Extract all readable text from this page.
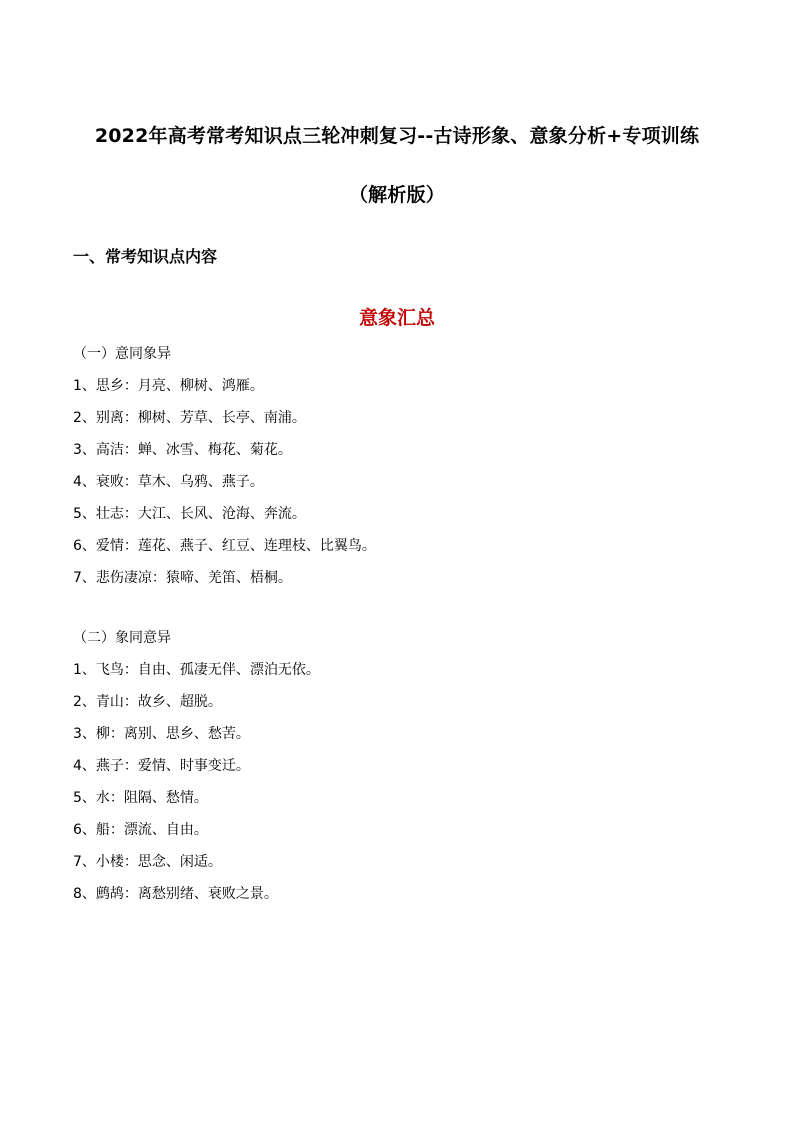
2022年高考常考知识点三轮冲刺复习--古诗形象、意象分析+专项训练
（解析版）
一、常考知识点内容
意象汇总
（一）意同象异
1、思乡：月亮、柳树、鸿雁。
2、别离：柳树、芳草、长亭、南浦。
3、高洁：蝉、冰雪、梅花、菊花。
4、衰败：草木、乌鸦、燕子。
5、壮志：大江、长风、沧海、奔流。
6、爱情：莲花、燕子、红豆、连理枝、比翼鸟。
7、悲伤凄凉：猿啼、羌笛、梧桐。
（二）象同意异
1、飞鸟：自由、孤凄无伴、漂泊无依。
2、青山：故乡、超脱。
3、柳：离别、思乡、愁苦。
4、燕子：爱情、时事变迁。
5、水：阻隔、愁情。
6、船：漂流、自由。
7、小楼：思念、闲适。
8、鹧鸪：离愁别绪、衰败之景。
